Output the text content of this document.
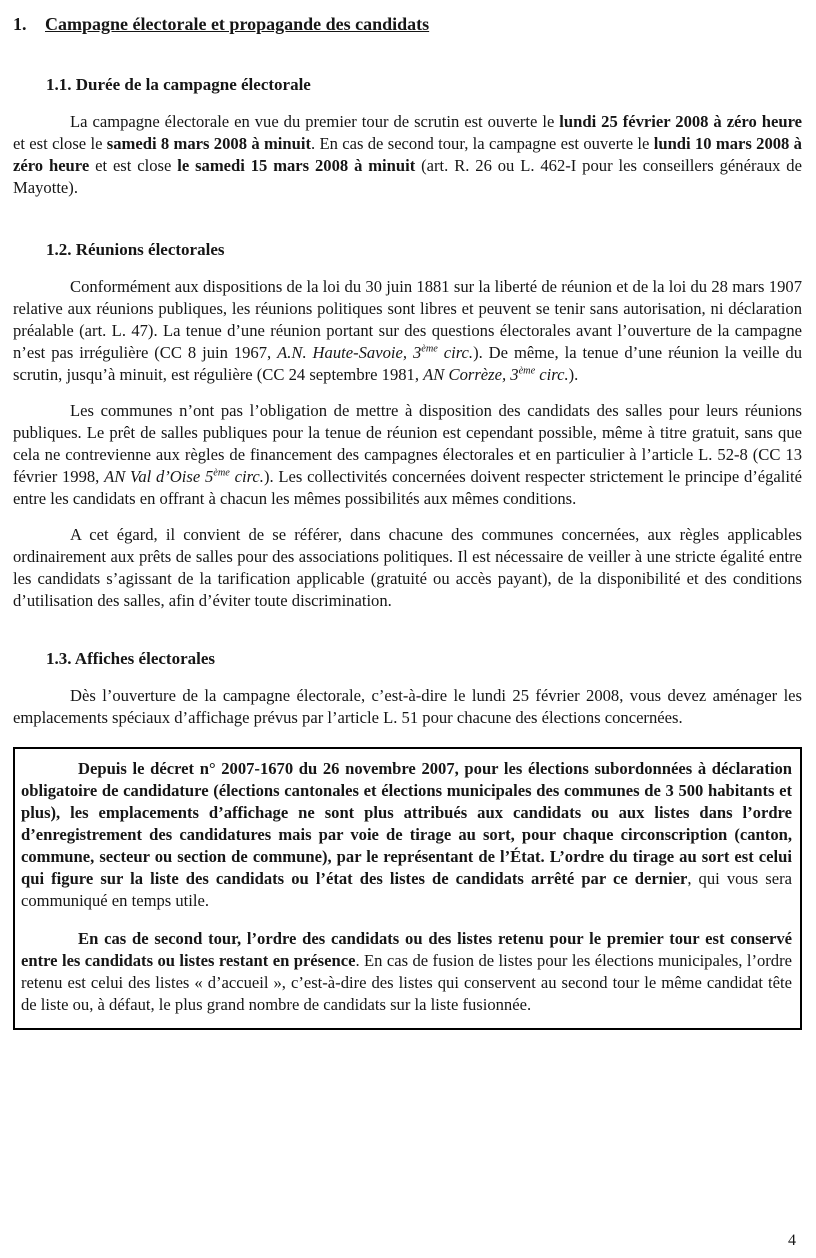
1. Campagne électorale et propagande des candidats
1.1. Durée de la campagne électorale

La campagne électorale en vue du premier tour de scrutin est ouverte le lundi 25 février 2008 à zéro heure et est close le samedi 8 mars 2008 à minuit. En cas de second tour, la campagne est ouverte le lundi 10 mars 2008 à zéro heure et est close le samedi 15 mars 2008 à minuit (art. R. 26 ou L. 462-I pour les conseillers généraux de Mayotte).

1.2. Réunions électorales

Conformément aux dispositions de la loi du 30 juin 1881 sur la liberté de réunion et de la loi du 28 mars 1907 relative aux réunions publiques, les réunions politiques sont libres et peuvent se tenir sans autorisation, ni déclaration préalable (art. L. 47). La tenue d’une réunion portant sur des questions électorales avant l’ouverture de la campagne n’est pas irrégulière (CC 8 juin 1967, A.N. Haute-Savoie, 3ème circ.). De même, la tenue d’une réunion la veille du scrutin, jusqu’à minuit, est régulière (CC 24 septembre 1981, AN Corrèze, 3ème circ.).

Les communes n’ont pas l’obligation de mettre à disposition des candidats des salles pour leurs réunions publiques. Le prêt de salles publiques pour la tenue de réunion est cependant possible, même à titre gratuit, sans que cela ne contrevienne aux règles de financement des campagnes électorales et en particulier à l’article L. 52-8 (CC 13 février 1998, AN Val d’Oise 5ème circ.). Les collectivités concernées doivent respecter strictement le principe d’égalité entre les candidats en offrant à chacun les mêmes possibilités aux mêmes conditions.

A cet égard, il convient de se référer, dans chacune des communes concernées, aux règles applicables ordinairement aux prêts de salles pour des associations politiques. Il est nécessaire de veiller à une stricte égalité entre les candidats s’agissant de la tarification applicable (gratuité ou accès payant), de la disponibilité et des conditions d’utilisation des salles, afin d’éviter toute discrimination.

1.3. Affiches électorales

Dès l’ouverture de la campagne électorale, c’est-à-dire le lundi 25 février 2008, vous devez aménager les emplacements spéciaux d’affichage prévus par l’article L. 51 pour chacune des élections concernées.

Depuis le décret n° 2007-1670 du 26 novembre 2007, pour les élections subordonnées à déclaration obligatoire de candidature (élections cantonales et élections municipales des communes de 3 500 habitants et plus), les emplacements d’affichage ne sont plus attribués aux candidats ou aux listes dans l’ordre d’enregistrement des candidatures mais par voie de tirage au sort, pour chaque circonscription (canton, commune, secteur ou section de commune), par le représentant de l’État. L’ordre du tirage au sort est celui qui figure sur la liste des candidats ou l’état des listes de candidats arrêté par ce dernier, qui vous sera communiqué en temps utile.

En cas de second tour, l’ordre des candidats ou des listes retenu pour le premier tour est conservé entre les candidats ou listes restant en présence. En cas de fusion de listes pour les élections municipales, l’ordre retenu est celui des listes « d’accueil », c’est-à-dire des listes qui conservent au second tour le même candidat tête de liste ou, à défaut, le plus grand nombre de candidats sur la liste fusionnée.

4
